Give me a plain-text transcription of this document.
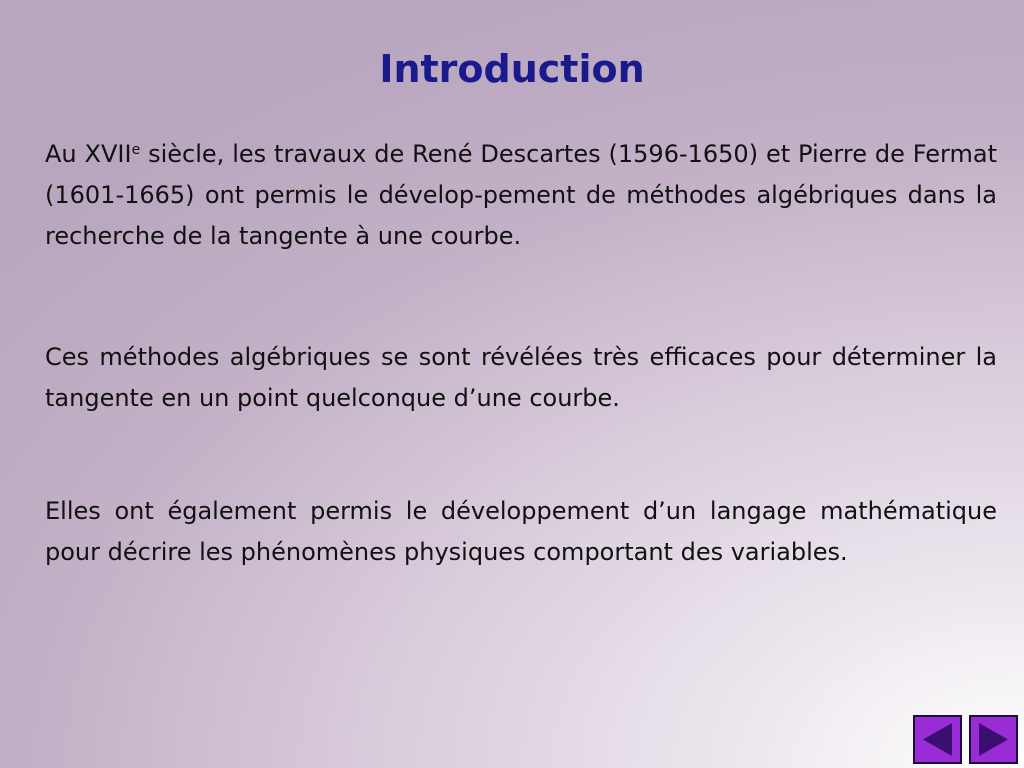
Introduction

Au XVIIe siècle, les travaux de René Descartes (1596-1650) et Pierre de Fermat (1601-1665) ont permis le dévelop-pement de méthodes algébriques dans la recherche de la tangente à une courbe.

Ces méthodes algébriques se sont révélées très efficaces pour déterminer la tangente en un point quelconque d’une courbe.

Elles ont également permis le développement d’un langage mathématique pour décrire les phénomènes physiques comportant des variables.
